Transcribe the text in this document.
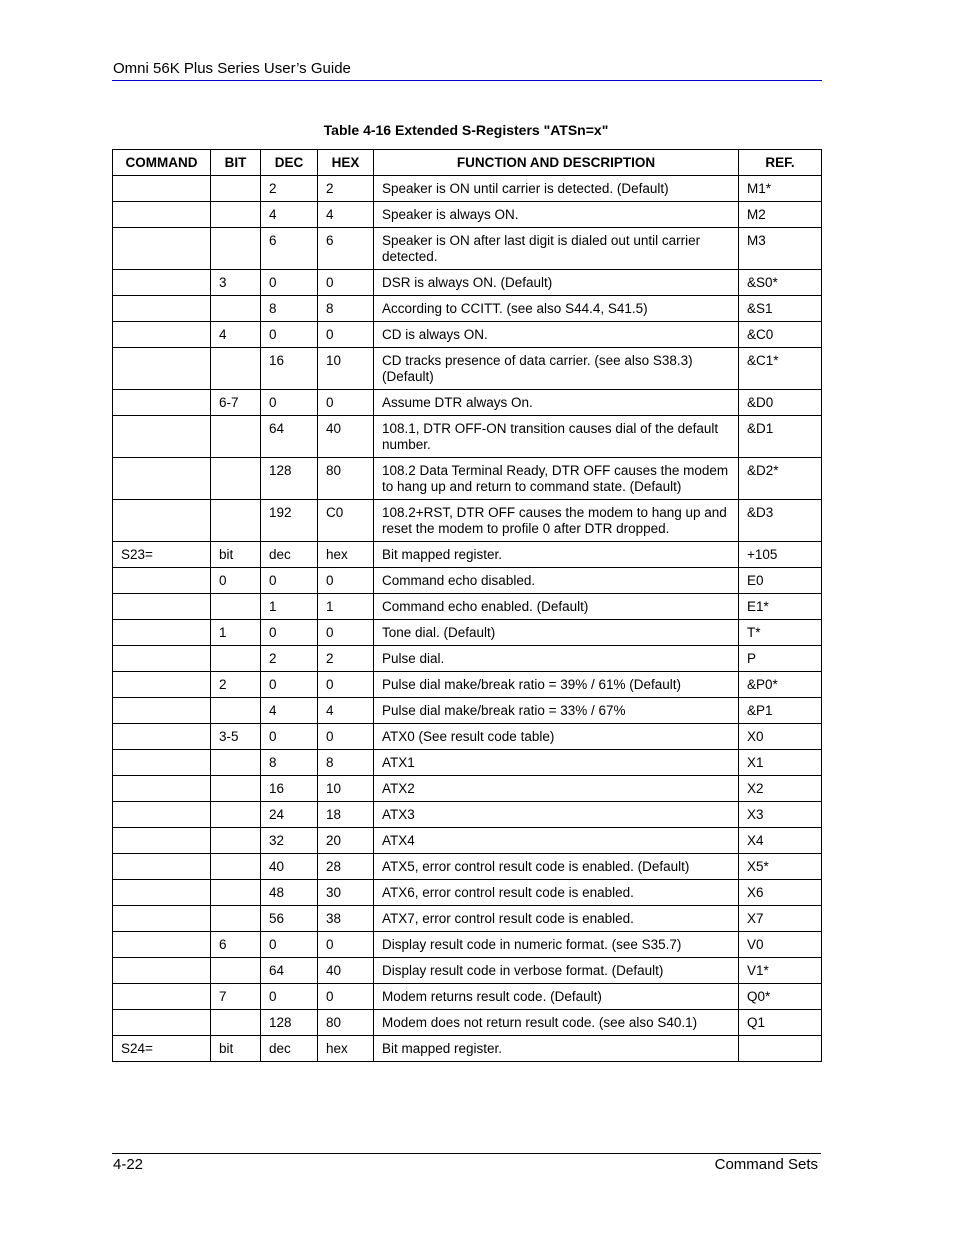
Omni 56K Plus Series User’s Guide
Table 4-16 Extended S-Registers "ATSn=x"
COMMAND	BIT	DEC	HEX	FUNCTION AND DESCRIPTION	REF.
		2	2	Speaker is ON until carrier is detected. (Default)	M1*
		4	4	Speaker is always ON.	M2
		6	6	Speaker is ON after last digit is dialed out until carrier detected.	M3
	3	0	0	DSR is always ON. (Default)	&S0*
		8	8	According to CCITT. (see also S44.4, S41.5)	&S1
	4	0	0	CD is always ON.	&C0
		16	10	CD tracks presence of data carrier. (see also S38.3) (Default)	&C1*
	6-7	0	0	Assume DTR always On.	&D0
		64	40	108.1, DTR OFF-ON transition causes dial of the default number.	&D1
		128	80	108.2 Data Terminal Ready, DTR OFF causes the modem to hang up and return to command state. (Default)	&D2*
		192	C0	108.2+RST, DTR OFF causes the modem to hang up and reset the modem to profile 0 after DTR dropped.	&D3
S23=	bit	dec	hex	Bit mapped register.	+105
	0	0	0	Command echo disabled.	E0
		1	1	Command echo enabled. (Default)	E1*
	1	0	0	Tone dial. (Default)	T*
		2	2	Pulse dial.	P
	2	0	0	Pulse dial make/break ratio = 39% / 61% (Default)	&P0*
		4	4	Pulse dial make/break ratio = 33% / 67%	&P1
	3-5	0	0	ATX0 (See result code table)	X0
		8	8	ATX1	X1
		16	10	ATX2	X2
		24	18	ATX3	X3
		32	20	ATX4	X4
		40	28	ATX5, error control result code is enabled. (Default)	X5*
		48	30	ATX6, error control result code is enabled.	X6
		56	38	ATX7, error control result code is enabled.	X7
	6	0	0	Display result code in numeric format. (see S35.7)	V0
		64	40	Display result code in verbose format. (Default)	V1*
	7	0	0	Modem returns result code. (Default)	Q0*
		128	80	Modem does not return result code. (see also S40.1)	Q1
S24=	bit	dec	hex	Bit mapped register.	
4-22	Command Sets
